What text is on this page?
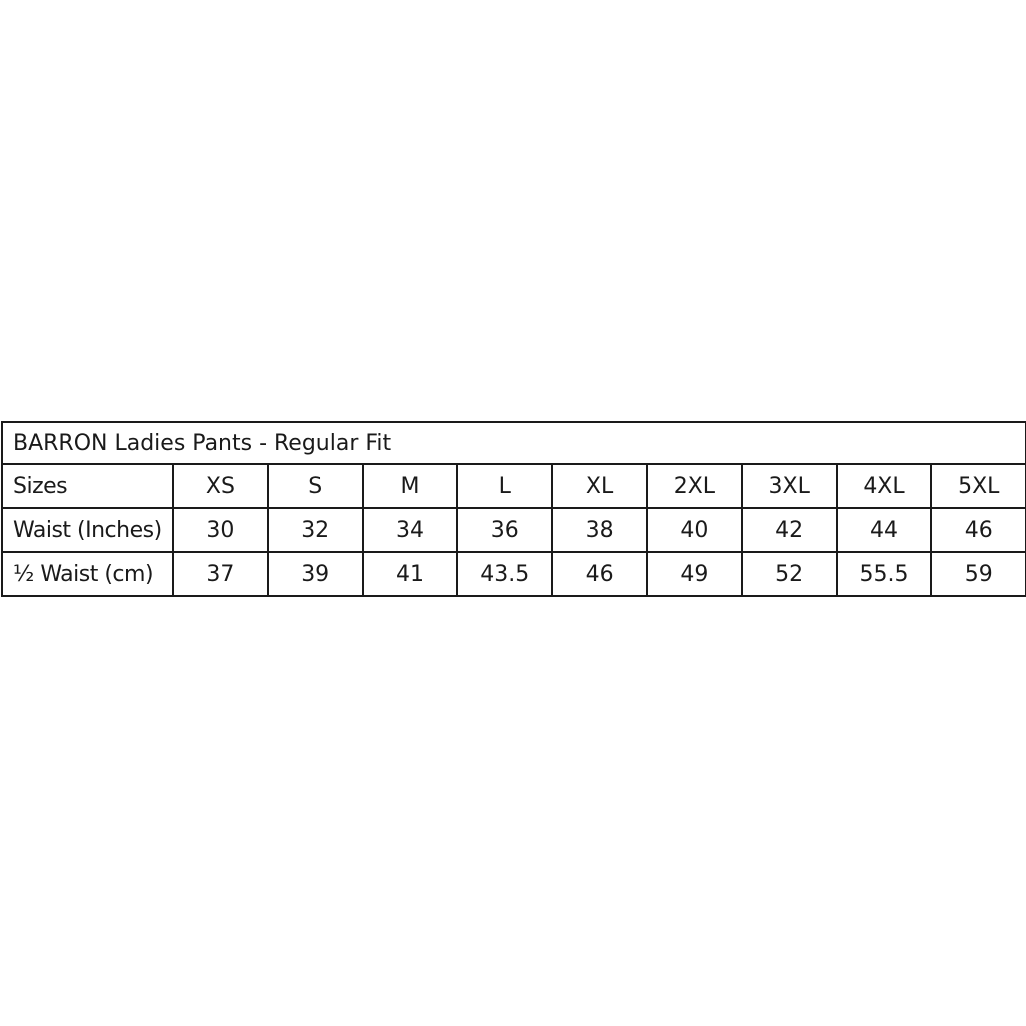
BARRON Ladies Pants - Regular Fit									
Sizes	XS	S	M	L	XL	2XL	3XL	4XL	5XL
Waist (Inches)	30	32	34	36	38	40	42	44	46
½ Waist (cm)	37	39	41	43.5	46	49	52	55.5	59
